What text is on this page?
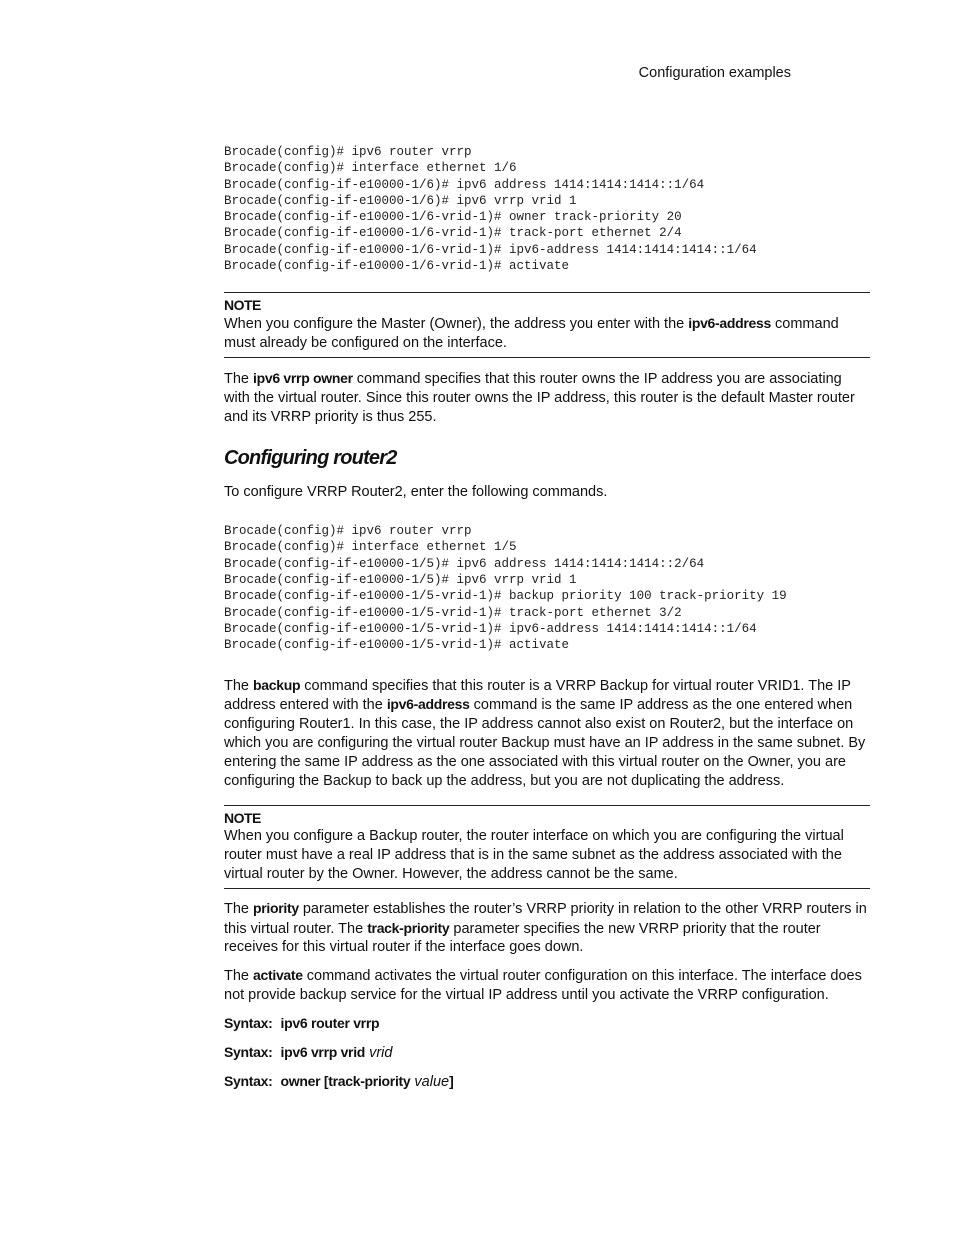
Configuration examples
Brocade(config)# ipv6 router vrrp
Brocade(config)# interface ethernet 1/6
Brocade(config-if-e10000-1/6)# ipv6 address 1414:1414:1414::1/64
Brocade(config-if-e10000-1/6)# ipv6 vrrp vrid 1
Brocade(config-if-e10000-1/6-vrid-1)# owner track-priority 20
Brocade(config-if-e10000-1/6-vrid-1)# track-port ethernet 2/4
Brocade(config-if-e10000-1/6-vrid-1)# ipv6-address 1414:1414:1414::1/64
Brocade(config-if-e10000-1/6-vrid-1)# activate
NOTE

When you configure the Master (Owner), the address you enter with the ipv6-address command must already be configured on the interface.

The ipv6 vrrp owner command specifies that this router owns the IP address you are associating with the virtual router. Since this router owns the IP address, this router is the default Master router and its VRRP priority is thus 255.

Configuring router2

To configure VRRP Router2, enter the following commands.

Brocade(config)# ipv6 router vrrp
Brocade(config)# interface ethernet 1/5
Brocade(config-if-e10000-1/5)# ipv6 address 1414:1414:1414::2/64
Brocade(config-if-e10000-1/5)# ipv6 vrrp vrid 1
Brocade(config-if-e10000-1/5-vrid-1)# backup priority 100 track-priority 19
Brocade(config-if-e10000-1/5-vrid-1)# track-port ethernet 3/2
Brocade(config-if-e10000-1/5-vrid-1)# ipv6-address 1414:1414:1414::1/64
Brocade(config-if-e10000-1/5-vrid-1)# activate

The backup command specifies that this router is a VRRP Backup for virtual router VRID1. The IP address entered with the ipv6-address command is the same IP address as the one entered when configuring Router1. In this case, the IP address cannot also exist on Router2, but the interface on which you are configuring the virtual router Backup must have an IP address in the same subnet. By entering the same IP address as the one associated with this virtual router on the Owner, you are configuring the Backup to back up the address, but you are not duplicating the address.

NOTE

When you configure a Backup router, the router interface on which you are configuring the virtual router must have a real IP address that is in the same subnet as the address associated with the virtual router by the Owner. However, the address cannot be the same.

The priority parameter establishes the router’s VRRP priority in relation to the other VRRP routers in this virtual router. The track-priority parameter specifies the new VRRP priority that the router receives for this virtual router if the interface goes down.

The activate command activates the virtual router configuration on this interface. The interface does not provide backup service for the virtual IP address until you activate the VRRP configuration.

Syntax: ipv6 router vrrp
Syntax: ipv6 vrrp vrid vrid
Syntax: owner [track-priority value]
